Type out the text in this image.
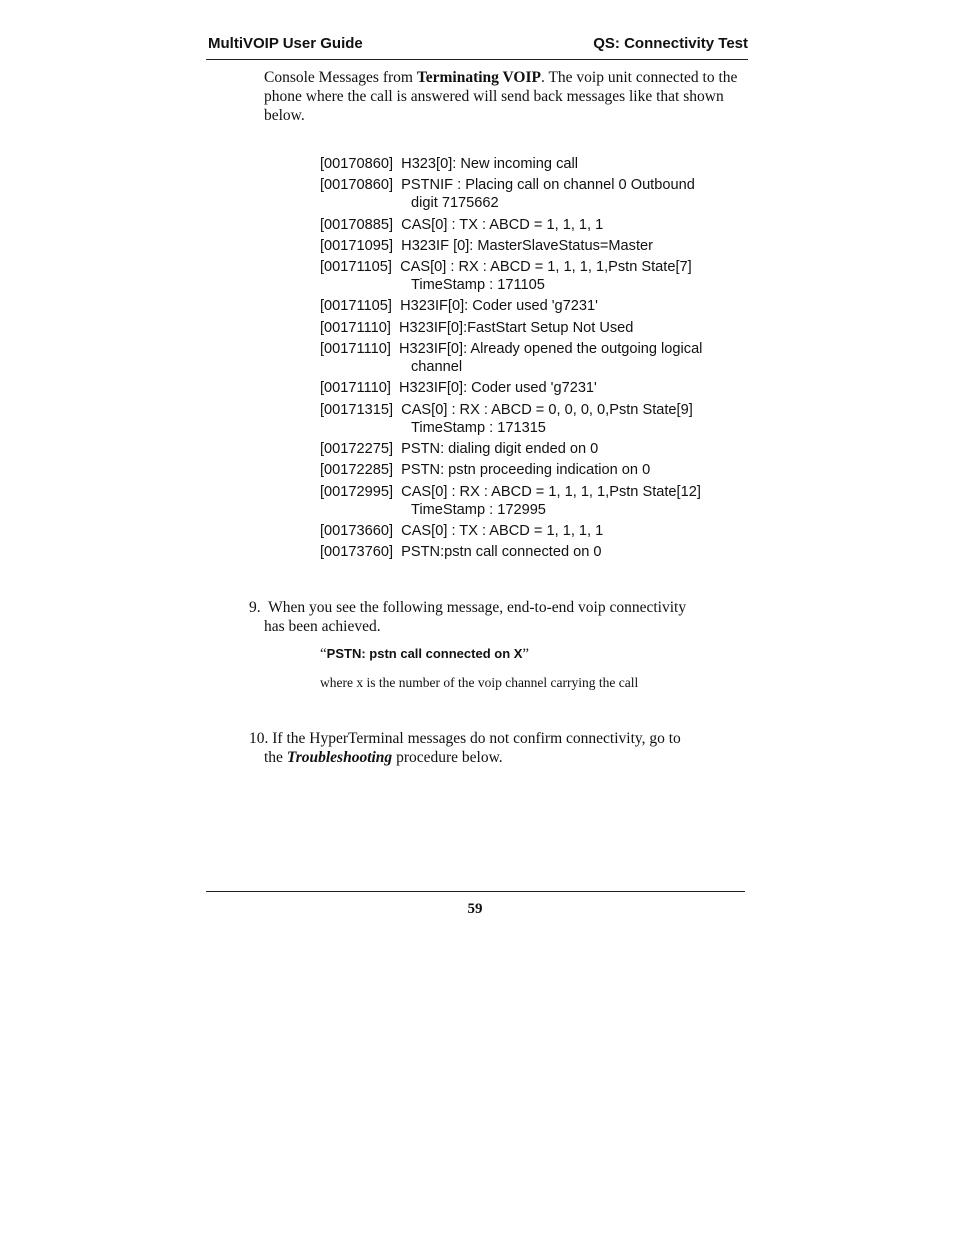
MultiVOIP User Guide	QS: Connectivity Test
Console Messages from Terminating VOIP. The voip unit connected to the phone where the call is answered will send back messages like that shown below.
[00170860] H323[0]: New incoming call
[00170860] PSTNIF : Placing call on channel 0 Outbound
digit 7175662
[00170885] CAS[0] : TX : ABCD = 1, 1, 1, 1
[00171095] H323IF [0]: MasterSlaveStatus=Master
[00171105] CAS[0] : RX : ABCD = 1, 1, 1, 1,Pstn State[7]
TimeStamp : 171105
[00171105] H323IF[0]: Coder used 'g7231'
[00171110] H323IF[0]:FastStart Setup Not Used
[00171110] H323IF[0]: Already opened the outgoing logical
channel
[00171110] H323IF[0]: Coder used 'g7231'
[00171315] CAS[0] : RX : ABCD = 0, 0, 0, 0,Pstn State[9]
TimeStamp : 171315
[00172275] PSTN: dialing digit ended on 0
[00172285] PSTN: pstn proceeding indication on 0
[00172995] CAS[0] : RX : ABCD = 1, 1, 1, 1,Pstn State[12]
TimeStamp : 172995
[00173660] CAS[0] : TX : ABCD = 1, 1, 1, 1
[00173760] PSTN:pstn call connected on 0
9. When you see the following message, end-to-end voip connectivity
has been achieved.
“PSTN: pstn call connected on X”
where x is the number of the voip channel carrying the call
10. If the HyperTerminal messages do not confirm connectivity, go to
the Troubleshooting procedure below.
59
